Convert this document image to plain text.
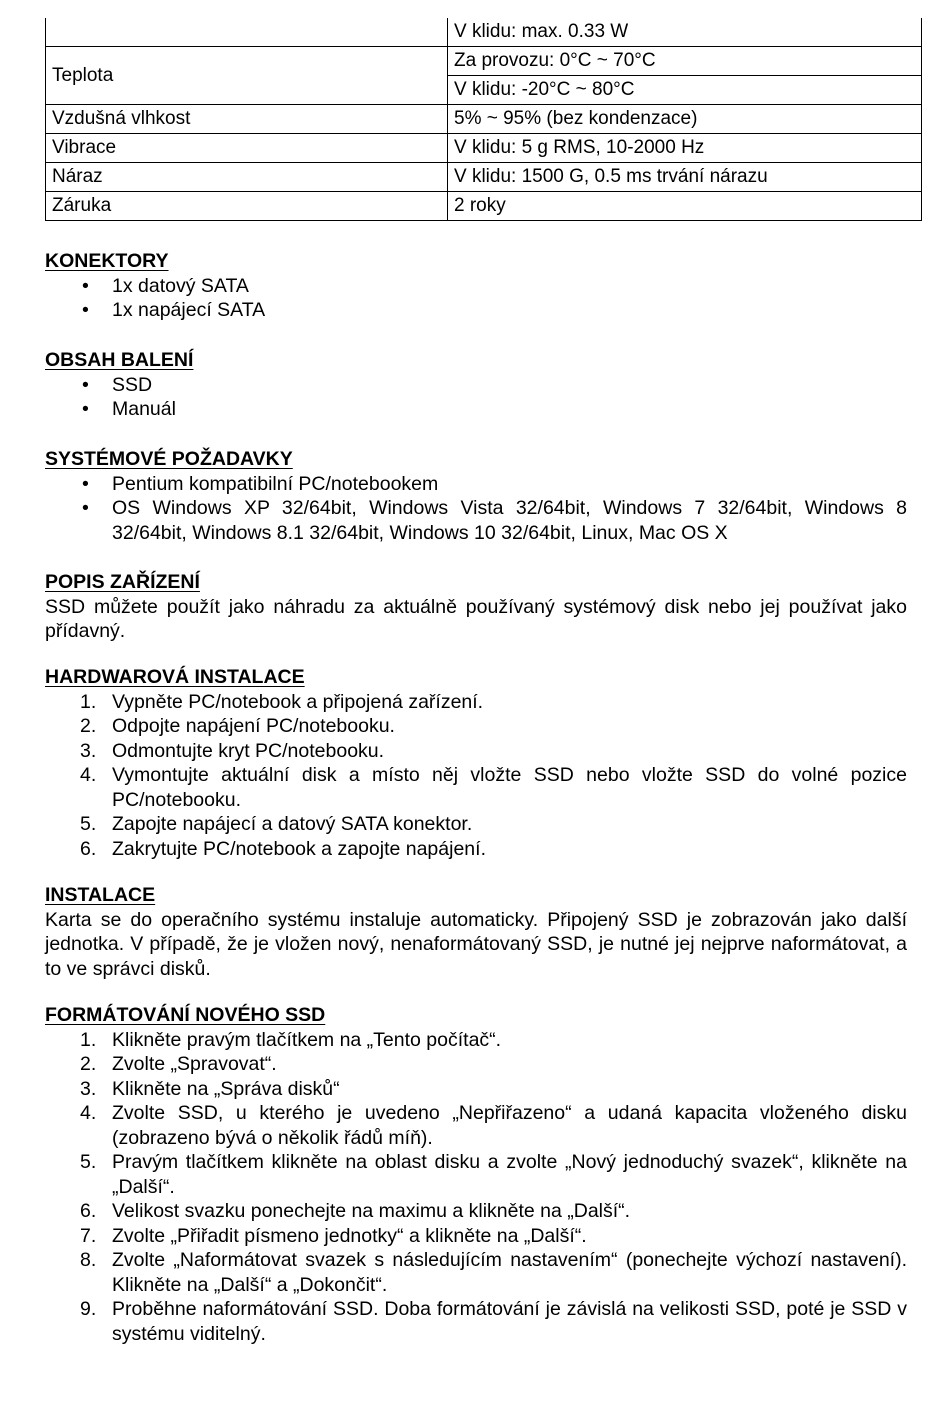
	V klidu: max. 0.33 W
Teplota	Za provozu: 0°C ~ 70°C
	V klidu: -20°C ~ 80°C
Vzdušná vlhkost	5% ~ 95% (bez kondenzace)
Vibrace	V klidu: 5 g RMS, 10-2000 Hz
Náraz	V klidu: 1500 G, 0.5 ms trvání nárazu
Záruka	2 roky
KONEKTORY
• 1x datový SATA
• 1x napájecí SATA
OBSAH BALENÍ
• SSD
• Manuál
SYSTÉMOVÉ POŽADAVKY
• Pentium kompatibilní PC/notebookem
• OS Windows XP 32/64bit, Windows Vista 32/64bit, Windows 7 32/64bit, Windows 8 32/64bit, Windows 8.1 32/64bit, Windows 10 32/64bit, Linux, Mac OS X
POPIS ZAŘÍZENÍ

SSD můžete použít jako náhradu za aktuálně používaný systémový disk nebo jej používat jako přídavný.

HARDWAROVÁ INSTALACE
1. Vypněte PC/notebook a připojená zařízení.
2. Odpojte napájení PC/notebooku.
3. Odmontujte kryt PC/notebooku.
4. Vymontujte aktuální disk a místo něj vložte SSD nebo vložte SSD do volné pozice PC/notebooku.
5. Zapojte napájecí a datový SATA konektor.
6. Zakrytujte PC/notebook a zapojte napájení.
INSTALACE

Karta se do operačního systému instaluje automaticky. Připojený SSD je zobrazován jako další jednotka. V případě, že je vložen nový, nenaformátovaný SSD, je nutné jej nejprve naformátovat, a to ve správci disků.

FORMÁTOVÁNÍ NOVÉHO SSD
1. Klikněte pravým tlačítkem na „Tento počítač“.
2. Zvolte „Spravovat“.
3. Klikněte na „Správa disků“
4. Zvolte SSD, u kterého je uvedeno „Nepřiřazeno“ a udaná kapacita vloženého disku (zobrazeno bývá o několik řádů míň).
5. Pravým tlačítkem klikněte na oblast disku a zvolte „Nový jednoduchý svazek“, klikněte na „Další“.
6. Velikost svazku ponechejte na maximu a klikněte na „Další“.
7. Zvolte „Přiřadit písmeno jednotky“ a klikněte na „Další“.
8. Zvolte „Naformátovat svazek s následujícím nastavením“ (ponechejte výchozí nastavení). Klikněte na „Další“ a „Dokončit“.
9. Proběhne naformátování SSD. Doba formátování je závislá na velikosti SSD, poté je SSD v systému viditelný.
